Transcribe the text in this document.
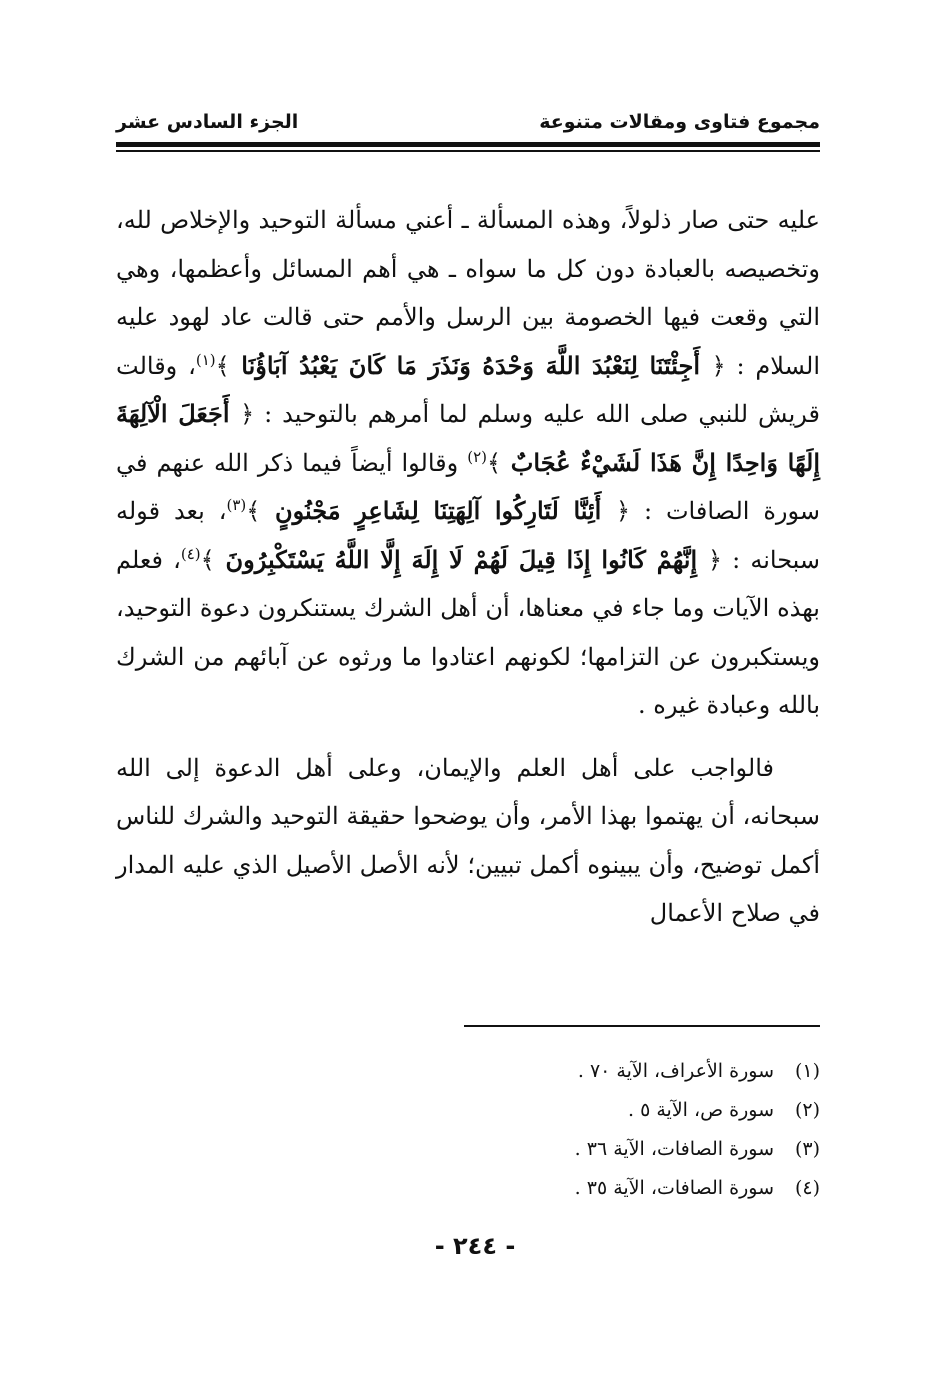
مجموع فتاوى ومقالات متنوعة
الجزء السادس عشر

عليه حتى صار ذلولاً، وهذه المسألة ـ أعني مسألة التوحيد والإخلاص لله، وتخصيصه بالعبادة دون كل ما سواه ـ هي أهم المسائل وأعظمها، وهي التي وقعت فيها الخصومة بين الرسل والأمم حتى قالت عاد لهود عليه السلام : ﴿ أَجِئْتَنَا لِنَعْبُدَ اللَّهَ وَحْدَهُ وَنَذَرَ مَا كَانَ يَعْبُدُ آبَاؤُنَا ﴾$^{(١)}$، وقالت قريش للنبي صلى الله عليه وسلم لما أمرهم بالتوحيد : ﴿ أَجَعَلَ الْآلِهَةَ إِلَهًا وَاحِدًا إِنَّ هَذَا لَشَيْءٌ عُجَابٌ ﴾$^{(٢)}$ وقالوا أيضاً فيما ذكر الله عنهم في سورة الصافات : ﴿ أَئِنَّا لَتَارِكُوا آلِهَتِنَا لِشَاعِرٍ مَجْنُونٍ ﴾$^{(٣)}$، بعد قوله سبحانه : ﴿ إِنَّهُمْ كَانُوا إِذَا قِيلَ لَهُمْ لَا إِلَهَ إِلَّا اللَّهُ يَسْتَكْبِرُونَ ﴾$^{(٤)}$، فعلم بهذه الآيات وما جاء في معناها، أن أهل الشرك يستنكرون دعوة التوحيد، ويستكبرون عن التزامها؛ لكونهم اعتادوا ما ورثوه عن آبائهم من الشرك بالله وعبادة غيره .

فالواجب على أهل العلم والإيمان، وعلى أهل الدعوة إلى الله سبحانه، أن يهتموا بهذا الأمر، وأن يوضحوا حقيقة التوحيد والشرك للناس أكمل توضيح، وأن يبينوه أكمل تبيين؛ لأنه الأصل الأصيل الذي عليه المدار في صلاح الأعمال

(١)
سورة الأعراف، الآية ٧٠ .
(٢)
سورة ص، الآية ٥ .
(٣)
سورة الصافات، الآية ٣٦ .
(٤)
سورة الصافات، الآية ٣٥ .
- ٢٤٤ -
